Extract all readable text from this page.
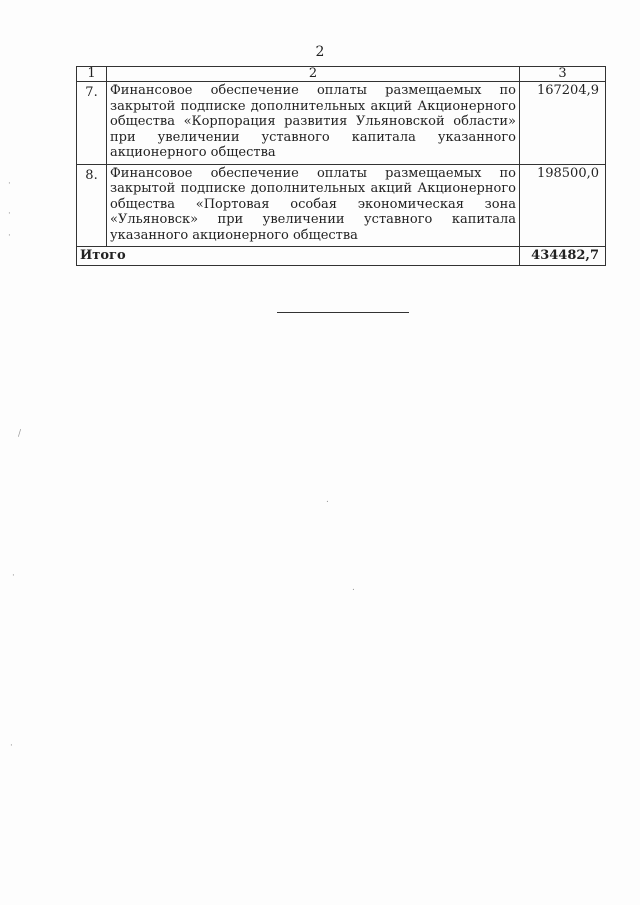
2
1	2	3
7.	Финансовое обеспечение оплаты размещаемых по закрытой подписке дополнительных акций Акционерного общества «Корпорация развития Ульяновской области» при увеличении уставного капитала указанного акционерного общества	167204,9
8.	Финансовое обеспечение оплаты размещаемых по закрытой подписке дополнительных акций Акционерного общества «Портовая особая экономическая зона «Ульяновск» при увеличении уставного капитала указанного акционерного общества	198500,0
Итого		434482,7
·
·
·
/
.
·
.
·
